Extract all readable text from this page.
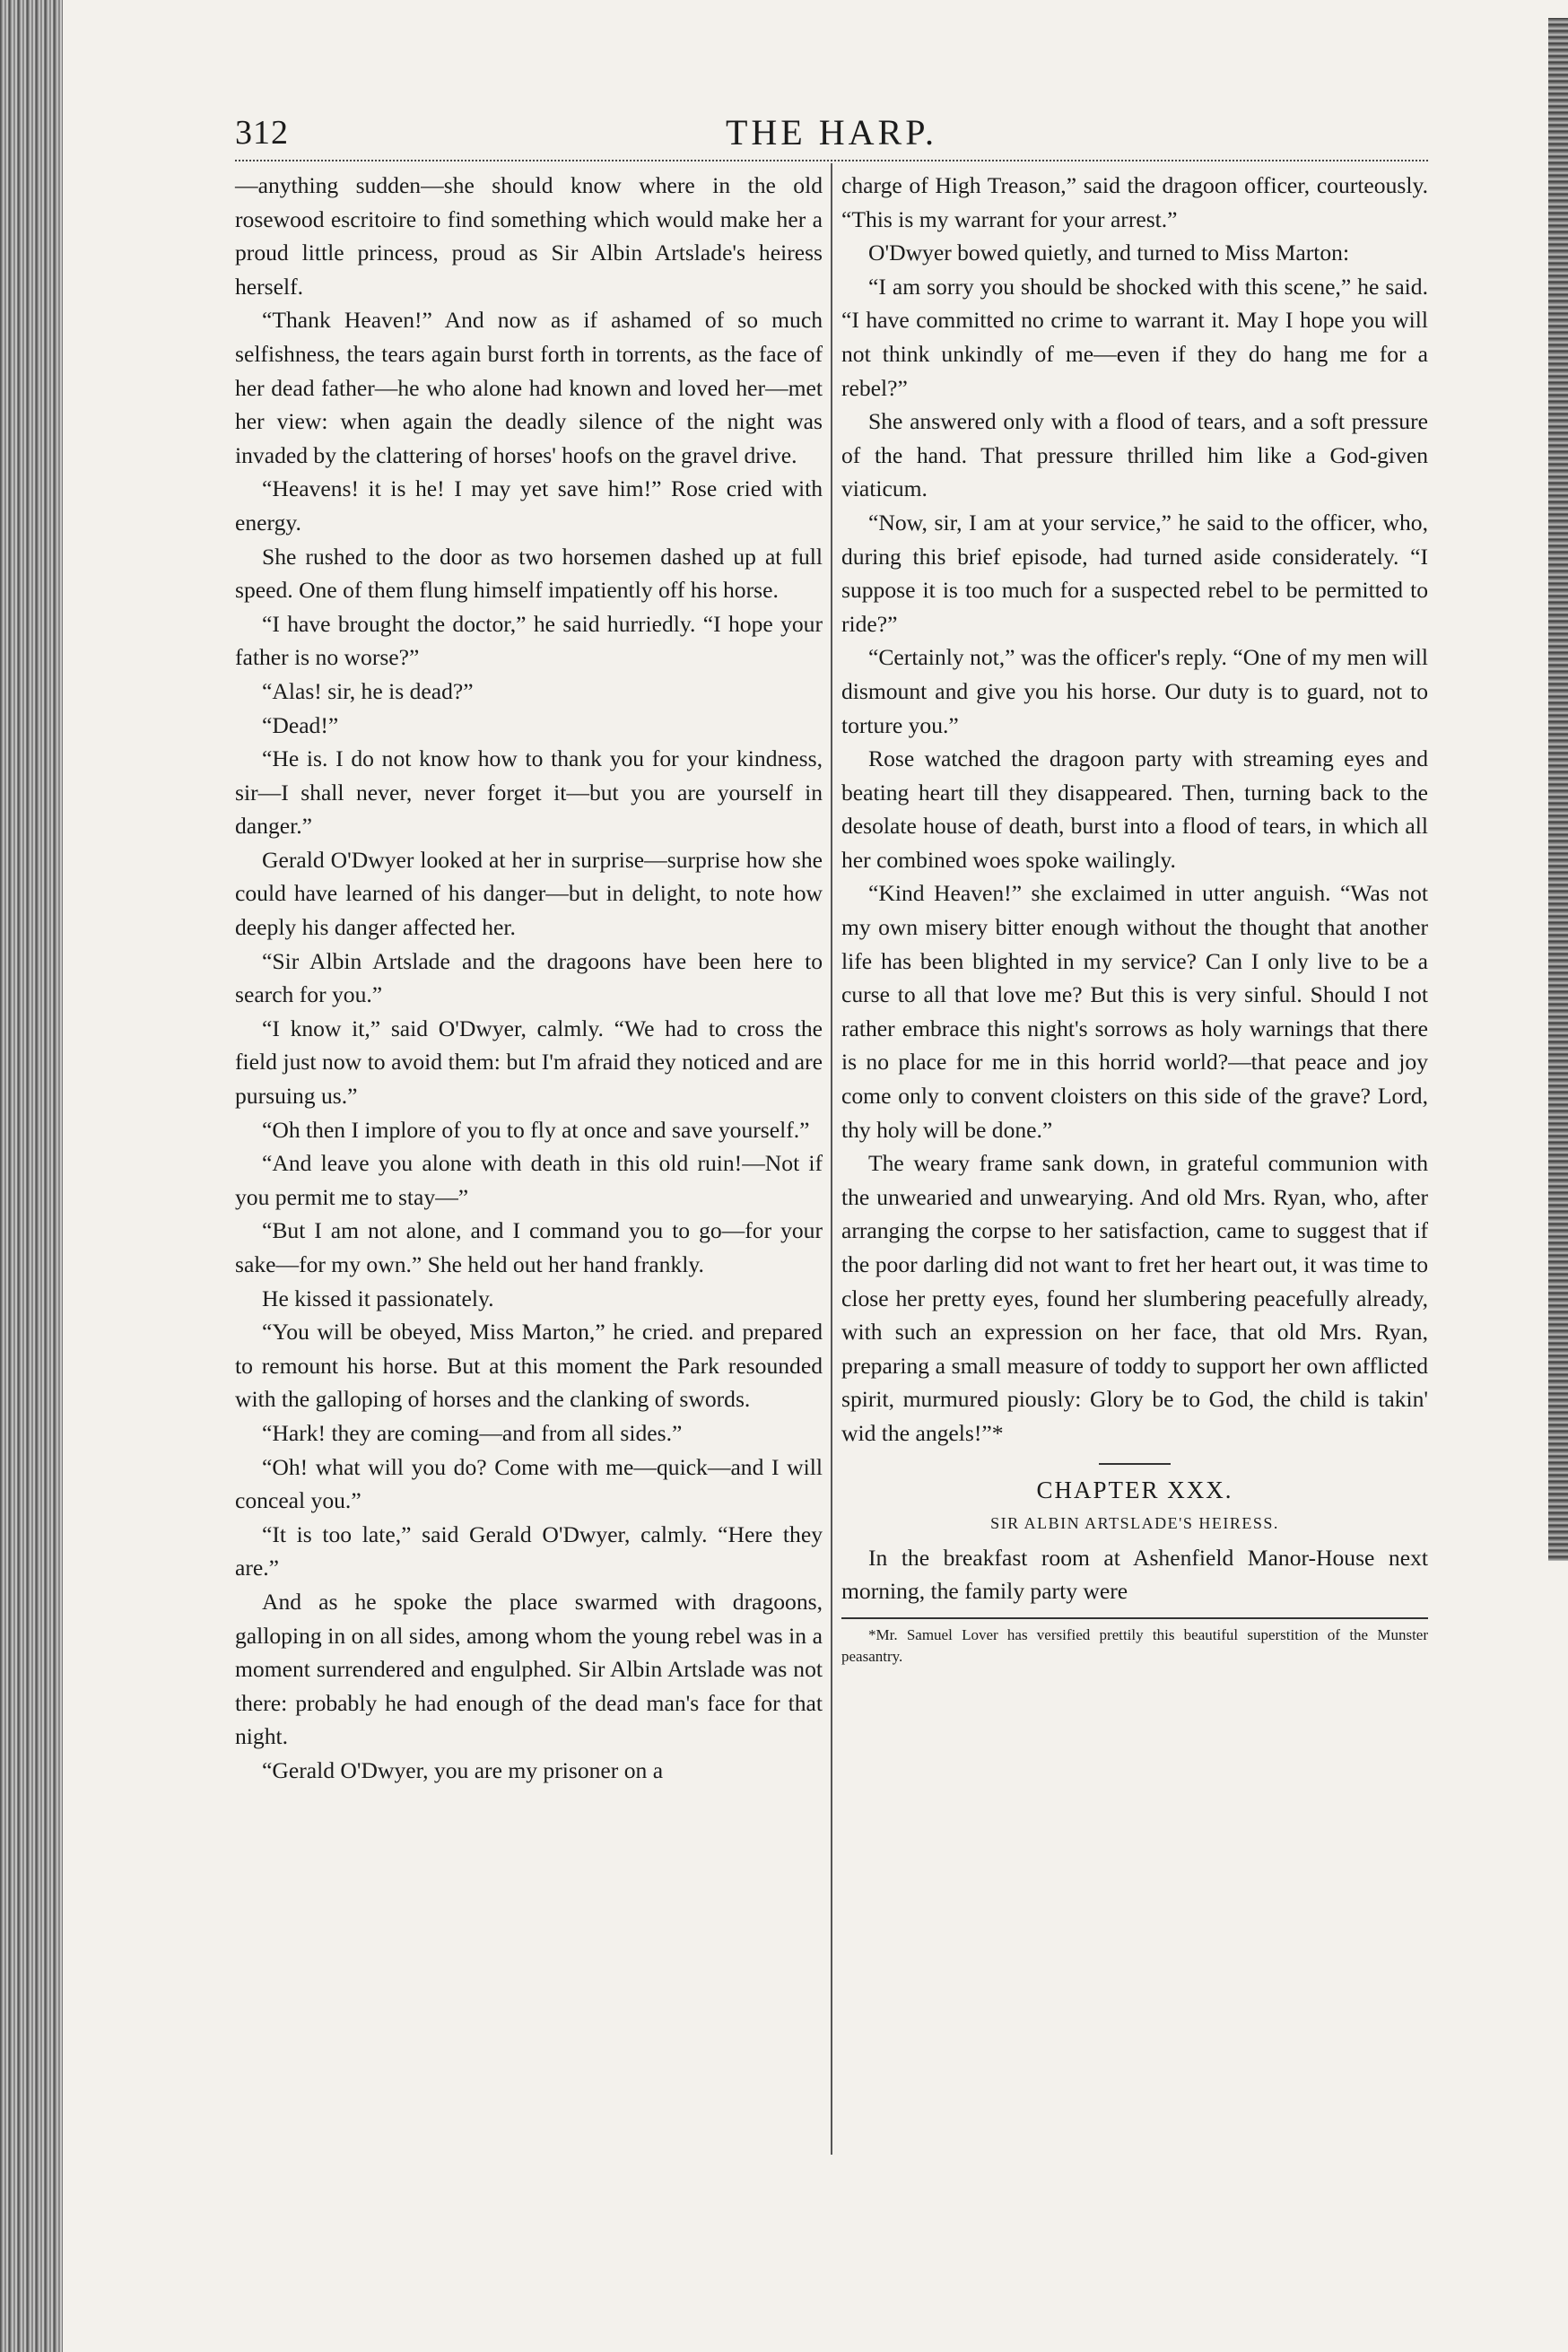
312	THE HARP.

—anything sudden—she should know where in the old rosewood escritoire to find something which would make her a proud little princess, proud as Sir Albin Artslade's heiress herself.

“Thank Heaven!” And now as if ashamed of so much selfishness, the tears again burst forth in torrents, as the face of her dead father—he who alone had known and loved her—met her view: when again the deadly silence of the night was invaded by the clattering of horses' hoofs on the gravel drive.

“Heavens! it is he! I may yet save him!” Rose cried with energy.

She rushed to the door as two horsemen dashed up at full speed. One of them flung himself impatiently off his horse.

“I have brought the doctor,” he said hurriedly. “I hope your father is no worse?”

“Alas! sir, he is dead?”

“Dead!”

“He is. I do not know how to thank you for your kindness, sir—I shall never, never forget it—but you are yourself in danger.”

Gerald O'Dwyer looked at her in surprise—surprise how she could have learned of his danger—but in delight, to note how deeply his danger affected her.

“Sir Albin Artslade and the dragoons have been here to search for you.”

“I know it,” said O'Dwyer, calmly. “We had to cross the field just now to avoid them: but I'm afraid they noticed and are pursuing us.”

“Oh then I implore of you to fly at once and save yourself.”

“And leave you alone with death in this old ruin!—Not if you permit me to stay—”

“But I am not alone, and I command you to go—for your sake—for my own.” She held out her hand frankly.

He kissed it passionately.

“You will be obeyed, Miss Marton,” he cried. and prepared to remount his horse. But at this moment the Park resounded with the galloping of horses and the clanking of swords.

“Hark! they are coming—and from all sides.”

“Oh! what will you do? Come with me—quick—and I will conceal you.”

“It is too late,” said Gerald O'Dwyer, calmly. “Here they are.”

And as he spoke the place swarmed with dragoons, galloping in on all sides, among whom the young rebel was in a moment surrendered and engulphed. Sir Albin Artslade was not there: probably he had enough of the dead man's face for that night.

“Gerald O'Dwyer, you are my prisoner on a

charge of High Treason,” said the dragoon officer, courteously. “This is my warrant for your arrest.”

O'Dwyer bowed quietly, and turned to Miss Marton:

“I am sorry you should be shocked with this scene,” he said. “I have committed no crime to warrant it. May I hope you will not think unkindly of me—even if they do hang me for a rebel?”

She answered only with a flood of tears, and a soft pressure of the hand. That pressure thrilled him like a God-given viaticum.

“Now, sir, I am at your service,” he said to the officer, who, during this brief episode, had turned aside considerately. “I suppose it is too much for a suspected rebel to be permitted to ride?”

“Certainly not,” was the officer's reply. “One of my men will dismount and give you his horse. Our duty is to guard, not to torture you.”

Rose watched the dragoon party with streaming eyes and beating heart till they disappeared. Then, turning back to the desolate house of death, burst into a flood of tears, in which all her combined woes spoke wailingly.

“Kind Heaven!” she exclaimed in utter anguish. “Was not my own misery bitter enough without the thought that another life has been blighted in my service? Can I only live to be a curse to all that love me? But this is very sinful. Should I not rather embrace this night's sorrows as holy warnings that there is no place for me in this horrid world?—that peace and joy come only to convent cloisters on this side of the grave? Lord, thy holy will be done.”

The weary frame sank down, in grateful communion with the unwearied and unwearying. And old Mrs. Ryan, who, after arranging the corpse to her satisfaction, came to suggest that if the poor darling did not want to fret her heart out, it was time to close her pretty eyes, found her slumbering peacefully already, with such an expression on her face, that old Mrs. Ryan, preparing a small measure of toddy to support her own afflicted spirit, murmured piously: Glory be to God, the child is takin' wid the angels!”*

CHAPTER XXX.

SIR ALBIN ARTSLADE'S HEIRESS.

In the breakfast room at Ashenfield Manor-House next morning, the family party were

*Mr. Samuel Lover has versified prettily this beautiful superstition of the Munster peasantry.
